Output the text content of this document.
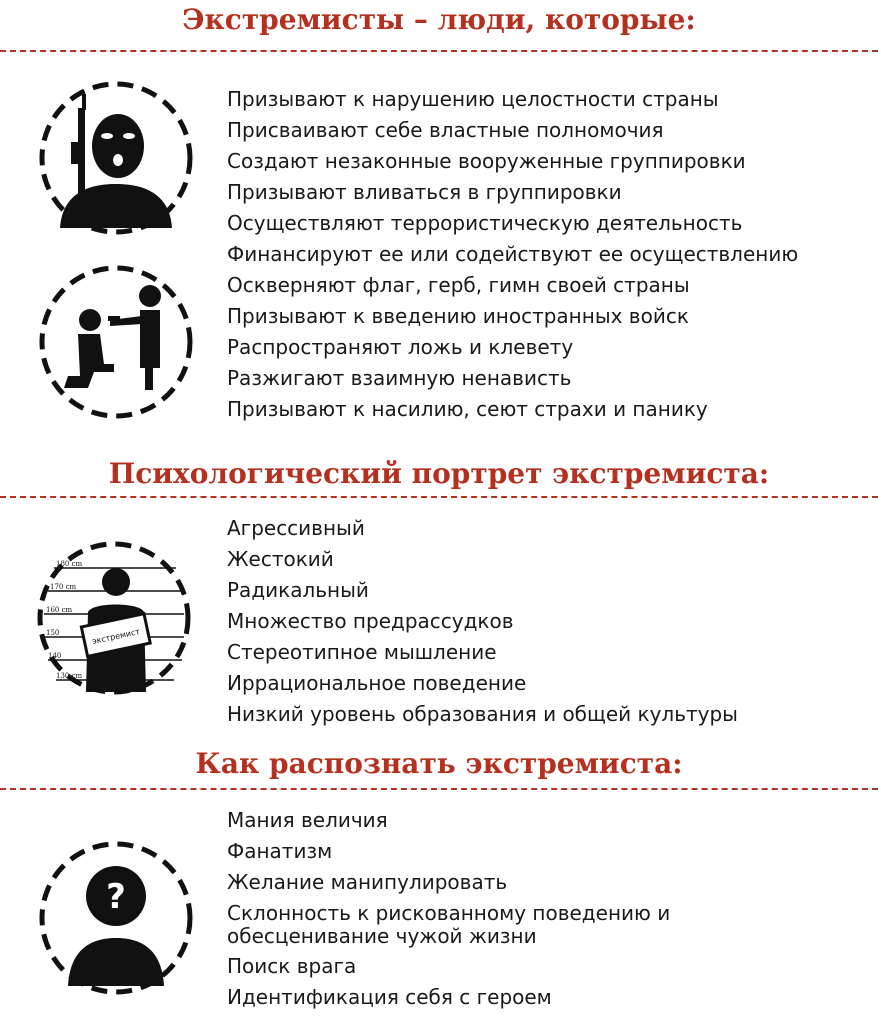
Экстремисты – люди, которые:
Призывают к нарушению целостности страны
Присваивают себе властные полномочия
Создают незаконные вооруженные группировки
Призывают вливаться в группировки
Осуществляют террористическую деятельность
Финансируют ее или содействуют ее осуществлению
Оскверняют флаг, герб, гимн своей страны
Призывают к введению иностранных войск
Распространяют ложь и клевету
Разжигают взаимную ненависть
Призывают к насилию, сеют страхи и панику
Психологический портрет экстремиста:
180 cm
170 cm
160 cm
150
140
130 cm
экстремист
Агрессивный
Жестокий
Радикальный
Множество предрассудков
Стереотипное мышление
Иррациональное поведение
Низкий уровень образования и общей культуры
Как распознать экстремиста:
?
Мания величия
Фанатизм
Желание манипулировать
Склонность к рискованному поведению и обесценивание чужой жизни
Поиск врага
Идентификация себя с героем
